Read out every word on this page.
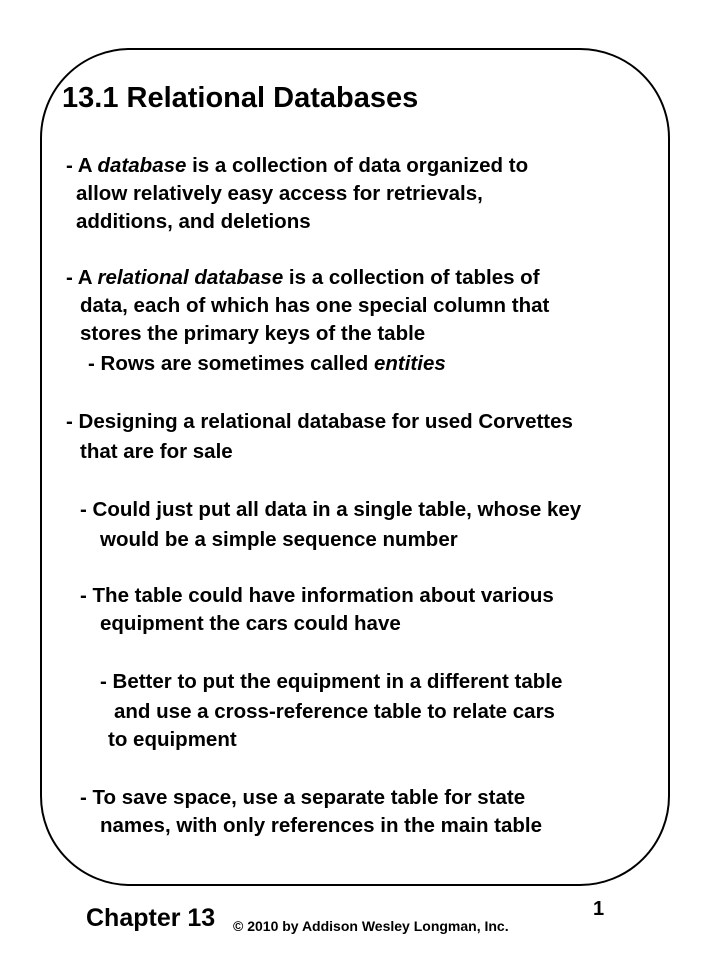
13.1 Relational Databases
- A database is a collection of data organized to
allow relatively easy access for retrievals,
additions, and deletions
- A relational database is a collection of tables of
data, each of which has one special column that
stores the primary keys of the table
- Rows are sometimes called entities
- Designing a relational database for used Corvettes
that are for sale
- Could just put all data in a single table, whose key
would be a simple sequence number
- The table could have information about various
equipment the cars could have
- Better to put the equipment in a different table
and use a cross-reference table to relate cars
to equipment
- To save space, use a separate table for state
names, with only references in the main table
Chapter 13 © 2010 by Addison Wesley Longman, Inc.
1
